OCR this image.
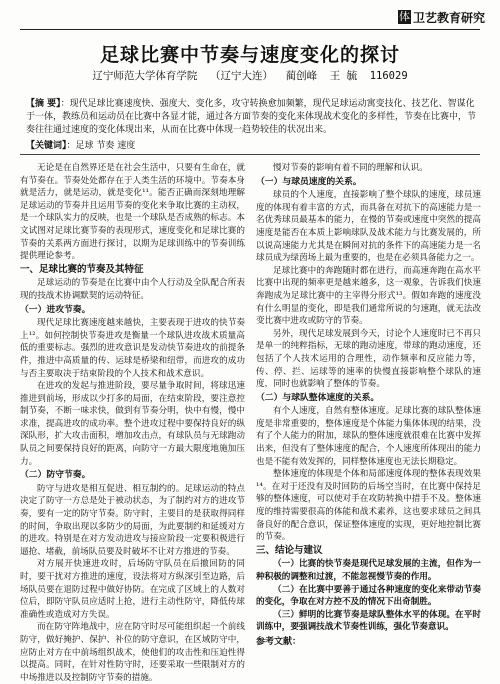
体 卫艺教育研究
足球比赛中节奏与速度变化的探讨
辽宁师范大学体育学院  （辽宁大连）  蔺创峰  王 毓  116029
【摘 要】：现代足球比赛速度快、强度大、变化多，攻守转换愈加频繁，现代足球运动寓变技化、技艺化、智谋化于一体，教练员和运动员在比赛中各显才能，通过各方面节奏的变化来体现战术变化的多样性，节奏在比赛中，节奏往往通过速度的变化体现出来，从而在比赛中体现一趋势较佳的状况出来。
【关键词】：足球 节奏 速度

无论是在自然界还是在社会生活中，只要有生命在，就有节奏在。节奏处处都存在于人类生活的环境中。节奏本身就是活力，就是运动，就是变化¹¹。能否正确而深刻地理解足球运动的节奏并且运用节奏的变化来争取比赛的主动权，是一个球队实力的反映，也是一个球队是否成熟的标志。本文试图对足球比赛节奏的表现形式，速度变化和足球比赛的节奏的关系两方面进行探讨，以期为足球训练中的节奏训练提供理论参考。

一、足球比赛的节奏及其特征

足球运动的节奏是在比赛中由个人行动及全队配合所表现的技战术协调默契的运动特征。

（一）进攻节奏。

现代足球比赛速度越来越快，主要表现于进攻的快节奏上¹²。如何控制快节奏进攻是衡量一个球队进攻战术质量高低的重要标志。强烈的进攻意识是发动快节奏进攻的前提条件，推进中高质量的传、运球是桥梁和纽带，而进攻的成功与否主要取决于结束阶段的个人技术和战术意识。

在进攻的发起与推进阶段，要尽量争取时间，将球迅速推进到前场，形成以少打多的局面，在结束阶段，要注意控制节奏，不断一味求快，做到有节奏分明，快中有慢，慢中求准，提高进攻的成功率。整个进攻过程中要保持良好的纵深队形，扩大攻击面积，增加攻击点，有球队员与无球跑动队员之间要保持良好的距离，向防守一方最大限度地施加压力。

（二）防守节奏。

防守与进攻是相互促进、相互制约的。足球运动的特点决定了防守一方总是处于被动状态，为了制约对方的进攻节奏，要有一定的防守节奏。防守时，主要目的是获取得同样的时间，争取出现以多防少的局面，为此要制约和延缓对方的进攻。特别是在对方发动进攻与接应阶段一定要积极进行逼抢、堵截，前场队员要及时破坏不让对方推进的节奏。

对方展开快速进攻时，后场防守队员在后撤回防的同时，要干扰对方推进的速度，设法将对方纵深引至边路，后场队员要在退防过程中做好协防。在完成了区域上的人数对位后，即防守队员应适时上抢，进行主动性防守，降低传球准确性或造成对方失误。

而在防守阵地战中，应在防守时尽可能组织起一个前线防守，做好掩护、保护、补位的防守意识，在区域防守中，应防止对方在中前场组织战术，使他们的攻击性和压迫性得以提高。同时，在针对性防守时，还要采取一些限制对方的中场推进以及控制防守节奏的措施。

慢对节奏的影响有着不同的理解和认识。

（一）与球员速度的关系。

球员的个人速度，直接影响了整个球队的速度，球员速度的体现有着丰富的方式，而具备在对抗下的高速能力是一名优秀球员最基本的能力，在慢的节奏或速度中突然的提高速度是能否在本质上影响球队及战术能力与比赛发展的，所以说高速能力尤其是在瞬间对抗的条件下的高速能力是一名球员成为绿茵场上最为重要的，也是在必须具备能力之一。

足球比赛中的奔跑随时都在进行，而高速奔跑在高水平比赛中出现的频率更是越来越多，这一观象，告诉我们快速奔跑成为足球比赛中的主宰得分形式¹³。假如奔跑的速度没有什么明显的变化，即是我们通常所说的匀速跑，就无法改变比赛中进攻或防守的节奏。

另外，现代足球发展到今天，讨论个人速度时已不再只是单一的纯粹指标，无球的跑动速度，带球的跑动速度，还包括了个人技术运用的合理性，动作频率和反应能力等，传、停、拦、运球等的速率的快慢直接影响整个球队的速度，同时也就影响了整体的节奏。

（二）与球队整体速度的关系。

有个人速度，自然有整体速度。足球比赛的球队整体速度是非常重要的，整体速度是个体能力集体体现的结果，没有了个人能力的附加，球队的整体速度就很难在比赛中发挥出来，但没有了整体速度的配合，个人速度所体现出的能力也是不能有效发挥的，同样整体速度也无法长期稳定。

整体速度的体现是个体和局部速度体现的整体表现效果¹⁴。在对于还没有及时回防的后场空当时，在比赛中保持足够的整体速度，可以使对手在攻防转换中措手不及。整体速度的维持需要很高的体能和战术素养，这也要求球员之间具备良好的配合意识，保证整体速度的实现，更好地控制比赛的节奏。

三、结论与建议

（一）比赛的快节奏是现代足球发展的主流，但作为一种积极的调整和过渡，不能忽视慢节奏的作用。

（二）在比赛中要善于通过各种速度的变化来带动节奏的变化，争取在对方控不及的情况下出奇制胜。

（三）鲜明的比赛节奏是球队整体水平的体现。在平时训练中，要强调技战术节奏性训练，强化节奏意识。

参考文献：
